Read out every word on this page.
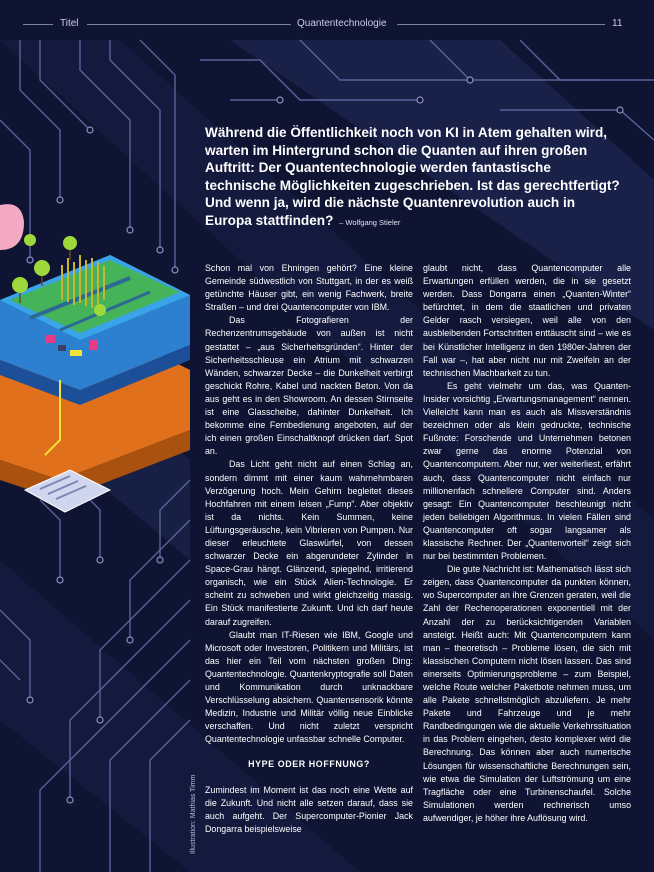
Titel	Quantentechnologie	11
Während die Öffentlichkeit noch von KI in Atem gehalten wird, warten im Hintergrund schon die Quanten auf ihren großen Auftritt: Der Quantentechnologie werden fantastische technische Möglichkeiten zugeschrieben. Ist das gerechtfertigt? Und wenn ja, wird die nächste Quantenrevolution auch in Europa stattfinden? – Wolfgang Stieler

Schon mal von Ehningen gehört? Eine kleine Gemeinde südwestlich von Stuttgart, in der es weiß getünchte Häuser gibt, ein wenig Fachwerk, breite Straßen – und drei Quantencomputer von IBM.

Das Fotografieren der Rechenzentrumsgebäude von außen ist nicht gestattet – „aus Sicherheitsgründen“. Hinter der Sicherheitsschleuse ein Atrium mit schwarzen Wänden, schwarzer Decke – die Dunkelheit verbirgt geschickt Rohre, Kabel und nackten Beton. Von da aus geht es in den Showroom. An dessen Stirnseite ist eine Glasscheibe, dahinter Dunkelheit. Ich bekomme eine Fernbedienung angeboten, auf der ich einen großen Einschaltknopf drücken darf. Spot an.

Das Licht geht nicht auf einen Schlag an, sondern dimmt mit einer kaum wahrnehmbaren Verzögerung hoch. Mein Gehirn begleitet dieses Hochfahren mit einem leisen „Fump“. Aber objektiv ist da nichts. Kein Summen, keine Lüftungsgeräusche, kein Vibrieren von Pumpen. Nur dieser erleuchtete Glaswürfel, von dessen schwarzer Decke ein abgerundeter Zylinder in Space-Grau hängt. Glänzend, spiegelnd, irritierend organisch, wie ein Stück Alien-Technologie. Er scheint zu schweben und wirkt gleichzeitig massig. Ein Stück manifestierte Zukunft. Und ich darf heute darauf zugreifen.

Glaubt man IT-Riesen wie IBM, Google und Microsoft oder Investoren, Politikern und Militärs, ist das hier ein Teil vom nächsten großen Ding: Quantentechnologie. Quantenkryptografie soll Daten und Kommunikation durch unknackbare Verschlüsselung absichern. Quantensensorik könnte Medizin, Industrie und Militär völlig neue Einblicke verschaffen. Und nicht zuletzt verspricht Quantentechnologie unfassbar schnelle Computer.

HYPE ODER HOFFNUNG?

Zumindest im Moment ist das noch eine Wette auf die Zukunft. Und nicht alle setzen darauf, dass sie auch aufgeht. Der Supercomputer-Pionier Jack Dongarra beispielsweise

glaubt nicht, dass Quantencomputer alle Erwartungen erfüllen werden, die in sie gesetzt werden. Dass Dongarra einen „Quanten-Winter“ befürchtet, in dem die staatlichen und privaten Gelder rasch versiegen, weil alle von den ausbleibenden Fortschritten enttäuscht sind – wie es bei Künstlicher Intelligenz in den 1980er-Jahren der Fall war –, hat aber nicht nur mit Zweifeln an der technischen Machbarkeit zu tun.

Es geht vielmehr um das, was Quanten-Insider vorsichtig „Erwartungsmanagement“ nennen. Vielleicht kann man es auch als Missverständnis bezeichnen oder als klein gedruckte, technische Fußnote: Forschende und Unternehmen betonen zwar gerne das enorme Potenzial von Quantencomputern. Aber nur, wer weiterliest, erfährt auch, dass Quantencomputer nicht einfach nur millionenfach schnellere Computer sind. Anders gesagt: Ein Quantencomputer beschleunigt nicht jeden beliebigen Algorithmus. In vielen Fällen sind Quantencomputer oft sogar langsamer als klassische Rechner. Der „Quantenvorteil“ zeigt sich nur bei bestimmten Problemen.

Die gute Nachricht ist: Mathematisch lässt sich zeigen, dass Quantencomputer da punkten können, wo Supercomputer an ihre Grenzen geraten, weil die Zahl der Rechenoperationen exponentiell mit der Anzahl der zu berücksichtigenden Variablen ansteigt. Heißt auch: Mit Quantencomputern kann man – theoretisch – Probleme lösen, die sich mit klassischen Computern nicht lösen lassen. Das sind einerseits Optimierungsprobleme – zum Beispiel, welche Route welcher Paketbote nehmen muss, um alle Pakete schnellstmöglich abzuliefern. Je mehr Pakete und Fahrzeuge und je mehr Randbedingungen wie die aktuelle Verkehrssituation in das Problem eingehen, desto komplexer wird die Berechnung. Das können aber auch numerische Lösungen für wissenschaftliche Berechnungen sein, wie etwa die Simulation der Luftströmung um eine Tragfläche oder eine Turbinenschaufel. Solche Simulationen werden rechnerisch umso aufwendiger, je höher ihre Auflösung wird.

Illustration: Mathias Timm
